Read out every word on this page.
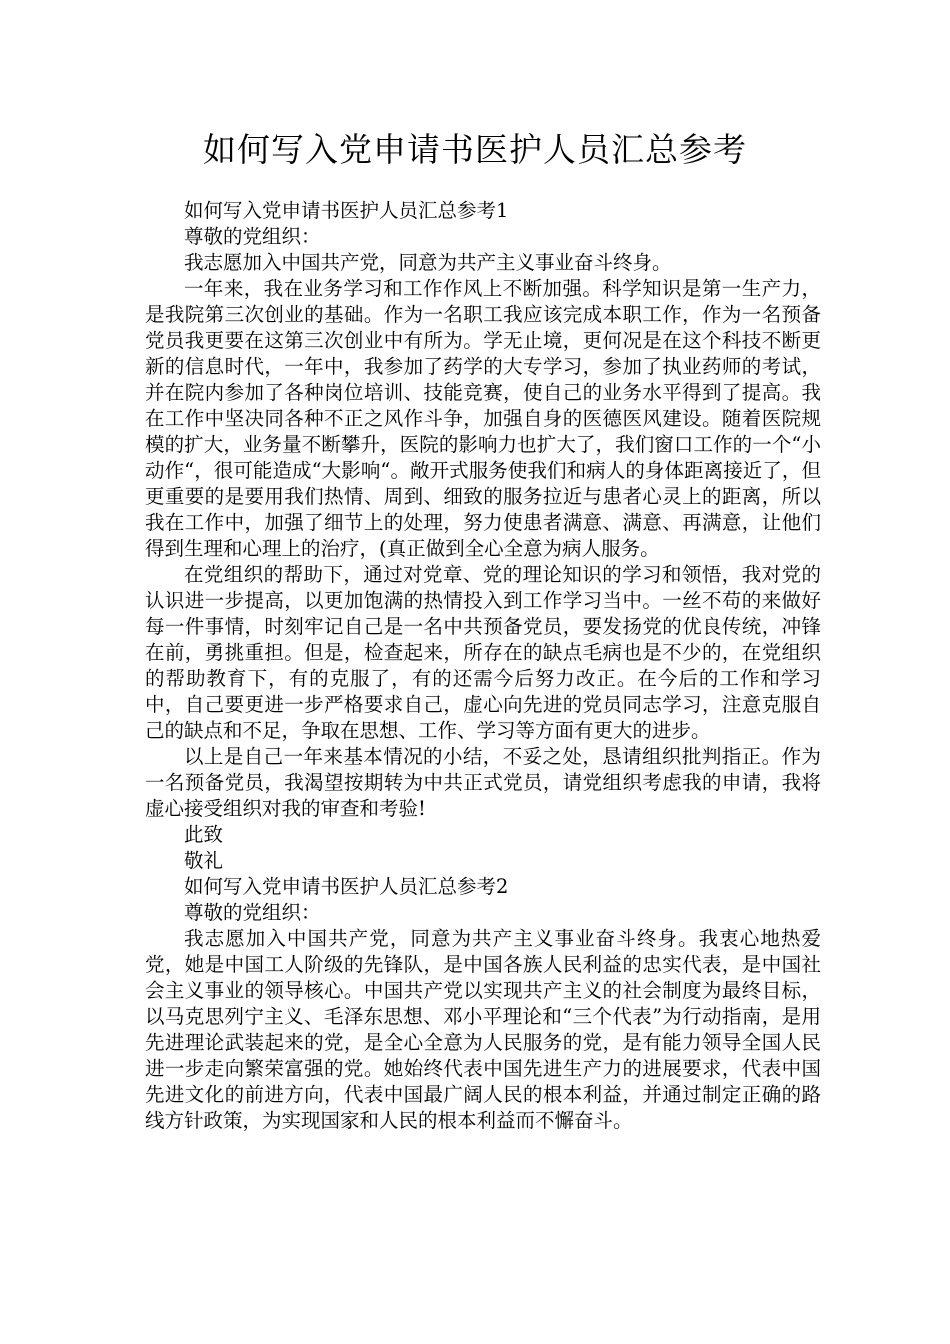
如何写入党申请书医护人员汇总参考

如何写入党申请书医护人员汇总参考1

尊敬的党组织：

我志愿加入中国共产党，同意为共产主义事业奋斗终身。

一年来，我在业务学习和工作作风上不断加强。科学知识是第一生产力，是我院第三次创业的基础。作为一名职工我应该完成本职工作，作为一名预备党员我更要在这第三次创业中有所为。学无止境，更何况是在这个科技不断更新的信息时代，一年中，我参加了药学的大专学习，参加了执业药师的考试，并在院内参加了各种岗位培训、技能竞赛，使自己的业务水平得到了提高。我在工作中坚决同各种不正之风作斗争，加强自身的医德医风建设。随着医院规模的扩大，业务量不断攀升，医院的影响力也扩大了，我们窗口工作的一个“小动作“，很可能造成“大影响“。敞开式服务使我们和病人的身体距离接近了，但更重要的是要用我们热情、周到、细致的服务拉近与患者心灵上的距离，所以我在工作中，加强了细节上的处理，努力使患者满意、满意、再满意，让他们得到生理和心理上的治疗，(真正做到全心全意为病人服务。

在党组织的帮助下，通过对党章、党的理论知识的学习和领悟，我对党的认识进一步提高，以更加饱满的热情投入到工作学习当中。一丝不苟的来做好每一件事情，时刻牢记自己是一名中共预备党员，要发扬党的优良传统，冲锋在前，勇挑重担。但是，检查起来，所存在的缺点毛病也是不少的，在党组织的帮助教育下，有的克服了，有的还需今后努力改正。在今后的工作和学习中，自己要更进一步严格要求自己，虚心向先进的党员同志学习，注意克服自己的缺点和不足，争取在思想、工作、学习等方面有更大的进步。

以上是自己一年来基本情况的小结，不妥之处，恳请组织批判指正。作为一名预备党员，我渴望按期转为中共正式党员，请党组织考虑我的申请，我将虚心接受组织对我的审查和考验!

此致

敬礼

如何写入党申请书医护人员汇总参考2

尊敬的党组织：

我志愿加入中国共产党，同意为共产主义事业奋斗终身。我衷心地热爱党，她是中国工人阶级的先锋队，是中国各族人民利益的忠实代表，是中国社会主义事业的领导核心。中国共产党以实现共产主义的社会制度为最终目标，以马克思列宁主义、毛泽东思想、邓小平理论和“三个代表”为行动指南，是用先进理论武装起来的党，是全心全意为人民服务的党，是有能力领导全国人民进一步走向繁荣富强的党。她始终代表中国先进生产力的进展要求，代表中国先进文化的前进方向，代表中国最广阔人民的根本利益，并通过制定正确的路线方针政策，为实现国家和人民的根本利益而不懈奋斗。
